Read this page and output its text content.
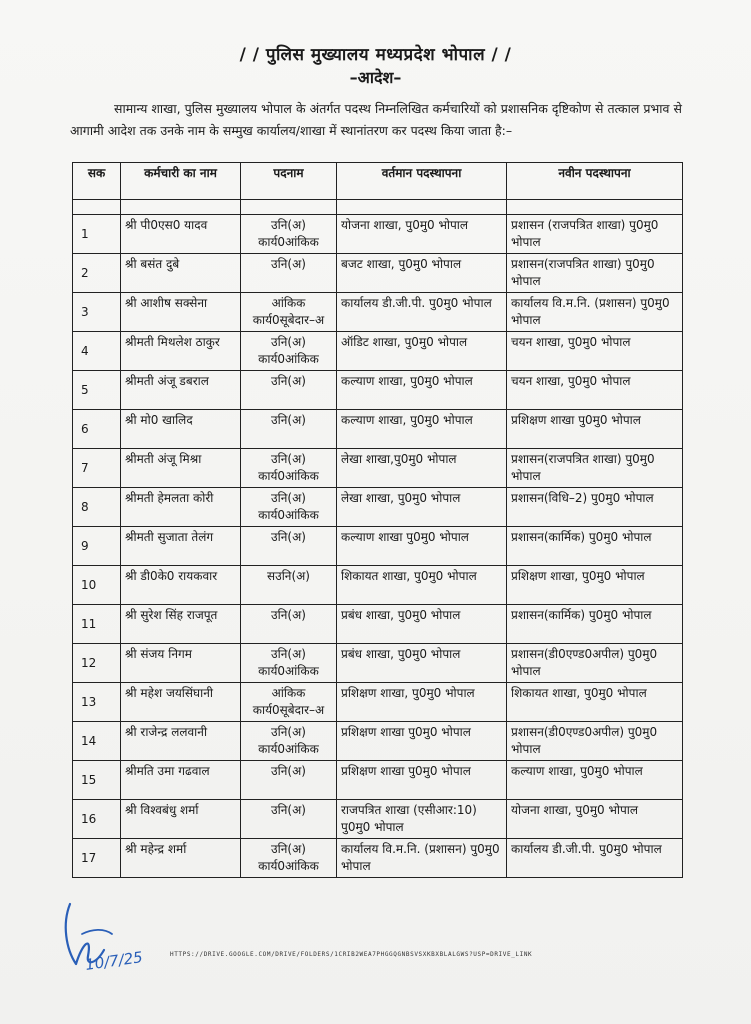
/ / पुलिस मुख्यालय मध्यप्रदेश भोपाल / /
–आदेश–
सामान्य शाखा, पुलिस मुख्यालय भोपाल के अंतर्गत पदस्थ निम्नलिखित कर्मचारियों को प्रशासनिक दृष्टिकोण से तत्काल प्रभाव से आगामी आदेश तक उनके नाम के सम्मुख कार्यालय/शाखा में स्थानांतरण कर पदस्थ किया जाता है:–
सक	कर्मचारी का नाम	पदनाम	वर्तमान पदस्थापना	नवीन पदस्थापना

1	श्री पी0एस0 यादव	उनि(अ) कार्य0आंकिक	योजना शाखा, पु0मु0 भोपाल	प्रशासन (राजपत्रित शाखा) पु0मु0 भोपाल
2	श्री बसंत दुबे	उनि(अ)	बजट शाखा, पु0मु0 भोपाल	प्रशासन(राजपत्रित शाखा) पु0मु0 भोपाल
3	श्री आशीष सक्सेना	आंकिक कार्य0सूबेदार–अ	कार्यालय डी.जी.पी. पु0मु0 भोपाल	कार्यालय वि.म.नि. (प्रशासन) पु0मु0 भोपाल
4	श्रीमती मिथलेश ठाकुर	उनि(अ) कार्य0आंकिक	ऑडिट शाखा, पु0मु0 भोपाल	चयन शाखा, पु0मु0 भोपाल
5	श्रीमती अंजू डबराल	उनि(अ)	कल्याण शाखा, पु0मु0 भोपाल	चयन शाखा, पु0मु0 भोपाल
6	श्री मो0 खालिद	उनि(अ)	कल्याण शाखा, पु0मु0 भोपाल	प्रशिक्षण शाखा पु0मु0 भोपाल
7	श्रीमती अंजू मिश्रा	उनि(अ) कार्य0आंकिक	लेखा शाखा,पु0मु0 भोपाल	प्रशासन(राजपत्रित शाखा) पु0मु0 भोपाल
8	श्रीमती हेमलता कोरी	उनि(अ) कार्य0आंकिक	लेखा शाखा, पु0मु0 भोपाल	प्रशासन(विधि–2) पु0मु0 भोपाल
9	श्रीमती सुजाता तेलंग	उनि(अ)	कल्याण शाखा पु0मु0 भोपाल	प्रशासन(कार्मिक) पु0मु0 भोपाल
10	श्री डी0के0 रायकवार	सउनि(अ)	शिकायत शाखा, पु0मु0 भोपाल	प्रशिक्षण शाखा, पु0मु0 भोपाल
11	श्री सुरेश सिंह राजपूत	उनि(अ)	प्रबंध शाखा, पु0मु0 भोपाल	प्रशासन(कार्मिक) पु0मु0 भोपाल
12	श्री संजय निगम	उनि(अ) कार्य0आंकिक	प्रबंध शाखा, पु0मु0 भोपाल	प्रशासन(डी0एण्ड0अपील) पु0मु0 भोपाल
13	श्री महेश जयसिंघानी	आंकिक कार्य0सूबेदार–अ	प्रशिक्षण शाखा, पु0मु0 भोपाल	शिकायत शाखा, पु0मु0 भोपाल
14	श्री राजेन्द्र ललवानी	उनि(अ) कार्य0आंकिक	प्रशिक्षण शाखा पु0मु0 भोपाल	प्रशासन(डी0एण्ड0अपील) पु0मु0 भोपाल
15	श्रीमति उमा गढवाल	उनि(अ)	प्रशिक्षण शाखा पु0मु0 भोपाल	कल्याण शाखा, पु0मु0 भोपाल
16	श्री विश्वबंधु शर्मा	उनि(अ)	राजपत्रित शाखा (एसीआर:10) पु0मु0 भोपाल	योजना शाखा, पु0मु0 भोपाल
17	श्री महेन्द्र शर्मा	उनि(अ) कार्य0आंकिक	कार्यालय वि.म.नि. (प्रशासन) पु0मु0 भोपाल	कार्यालय डी.जी.पी. पु0मु0 भोपाल
10/7/25	HTTPS://DRIVE.GOOGLE.COM/DRIVE/FOLDERS/1CRIB2WEA7PHGGQGNBSVSXKBXBLALGWS?USP=DRIVE_LINK
